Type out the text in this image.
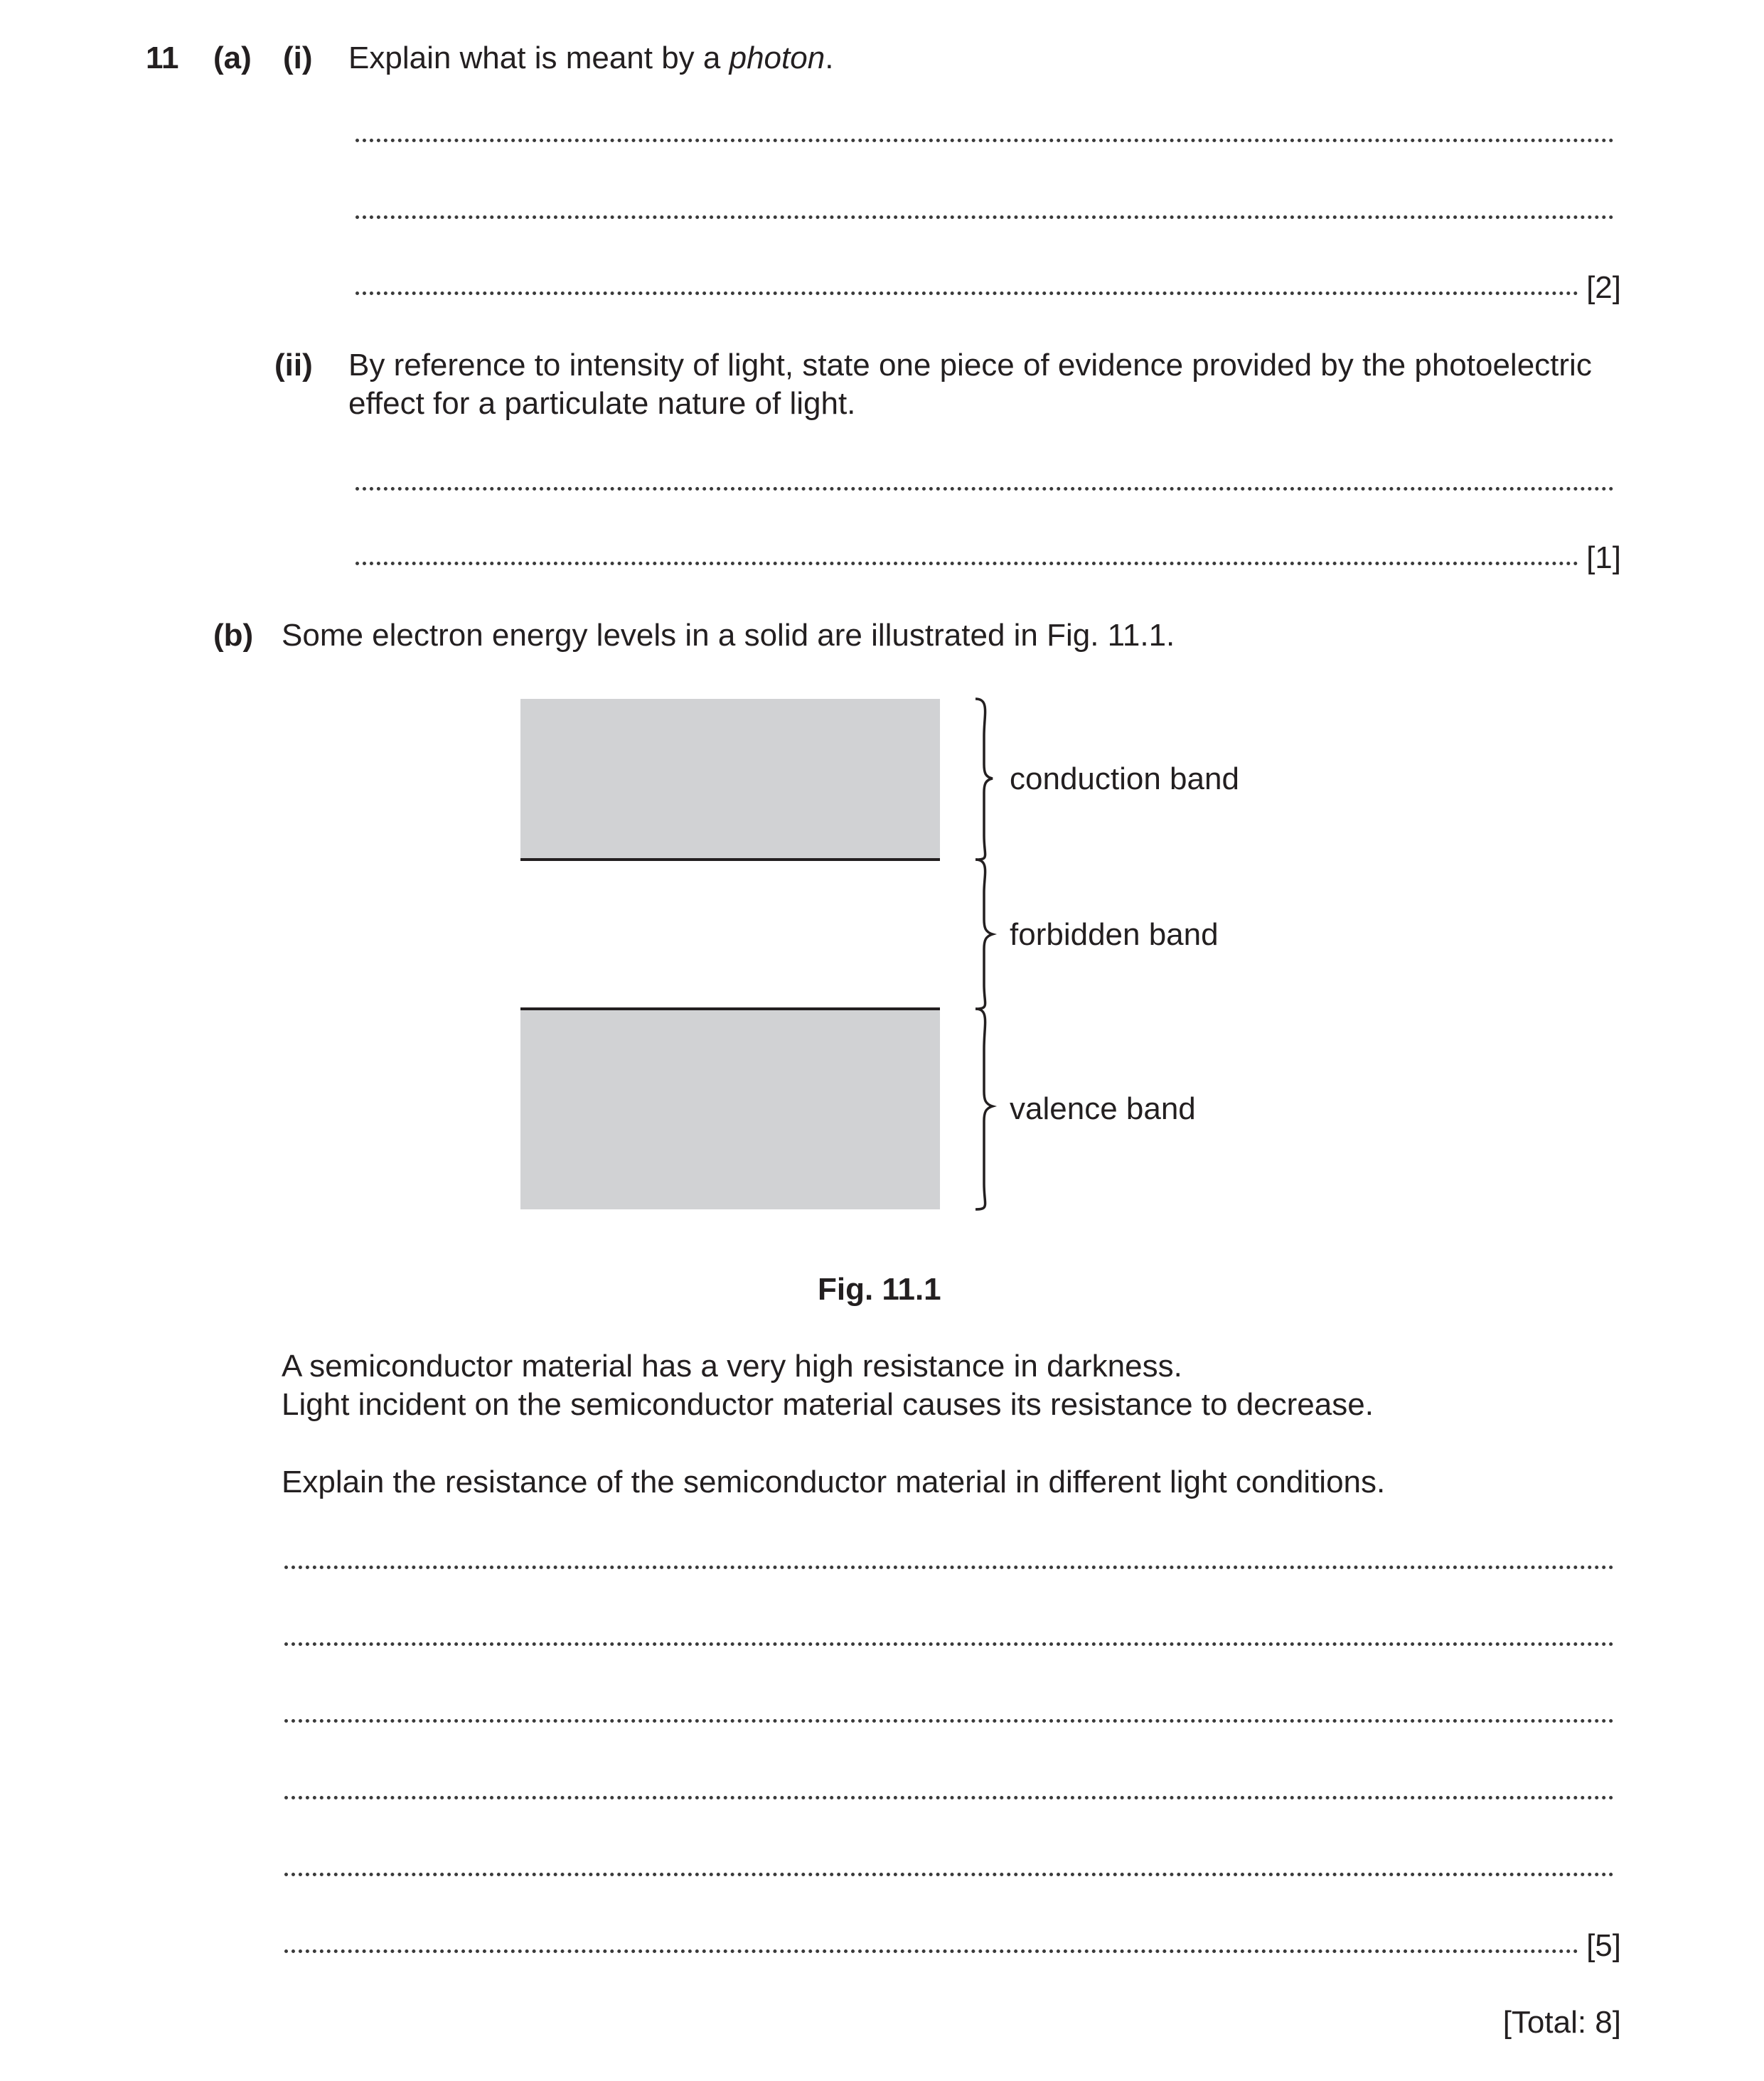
11 (a) (i) Explain what is meant by a photon.
[2]
(ii) By reference to intensity of light, state one piece of evidence provided by the photoelectric
effect for a particulate nature of light.
[1]
(b) Some electron energy levels in a solid are illustrated in Fig. 11.1.
conduction band
forbidden band
valence band
Fig. 11.1
A semiconductor material has a very high resistance in darkness.
Light incident on the semiconductor material causes its resistance to decrease.
Explain the resistance of the semiconductor material in different light conditions.
[5]
[Total: 8]
